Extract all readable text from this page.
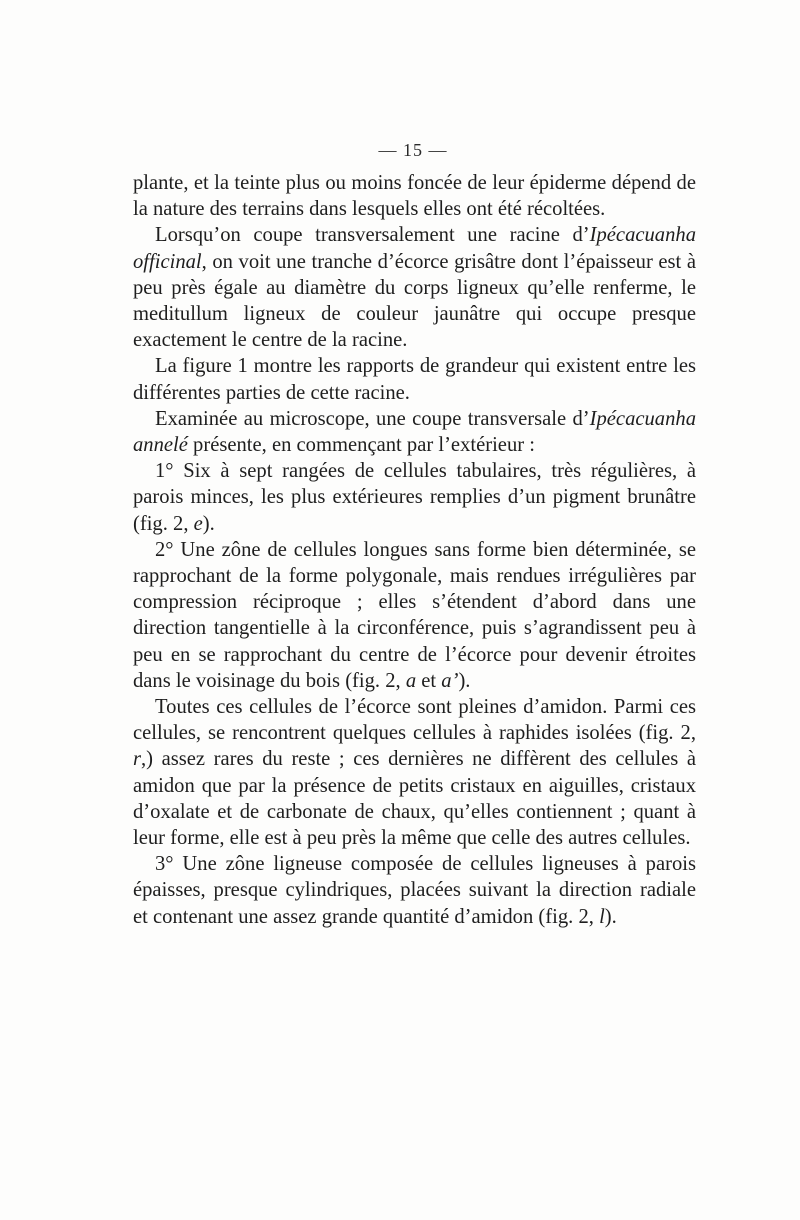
— 15 —

plante, et la teinte plus ou moins foncée de leur épiderme dépend de la nature des terrains dans lesquels elles ont été récoltées.

Lorsqu’on coupe transversalement une racine d’Ipécacuanha officinal, on voit une tranche d’écorce grisâtre dont l’épaisseur est à peu près égale au diamètre du corps ligneux qu’elle renferme, le meditullum ligneux de couleur jaunâtre qui occupe presque exactement le centre de la racine.

La figure 1 montre les rapports de grandeur qui existent entre les différentes parties de cette racine.

Examinée au microscope, une coupe transversale d’Ipécacuanha annelé présente, en commençant par l’extérieur :

1° Six à sept rangées de cellules tabulaires, très régulières, à parois minces, les plus extérieures remplies d’un pigment brunâtre (fig. 2, e).

2° Une zône de cellules longues sans forme bien déterminée, se rapprochant de la forme polygonale, mais rendues irrégulières par compression réciproque ; elles s’étendent d’abord dans une direction tangentielle à la circonférence, puis s’agrandissent peu à peu en se rapprochant du centre de l’écorce pour devenir étroites dans le voisinage du bois (fig. 2, a et a’).

Toutes ces cellules de l’écorce sont pleines d’amidon. Parmi ces cellules, se rencontrent quelques cellules à raphides isolées (fig. 2, r,) assez rares du reste ; ces dernières ne diffèrent des cellules à amidon que par la présence de petits cristaux en aiguilles, cristaux d’oxalate et de carbonate de chaux, qu’elles contiennent ; quant à leur forme, elle est à peu près la même que celle des autres cellules.

3° Une zône ligneuse composée de cellules ligneuses à parois épaisses, presque cylindriques, placées suivant la direction radiale et contenant une assez grande quantité d’amidon (fig. 2, l).
